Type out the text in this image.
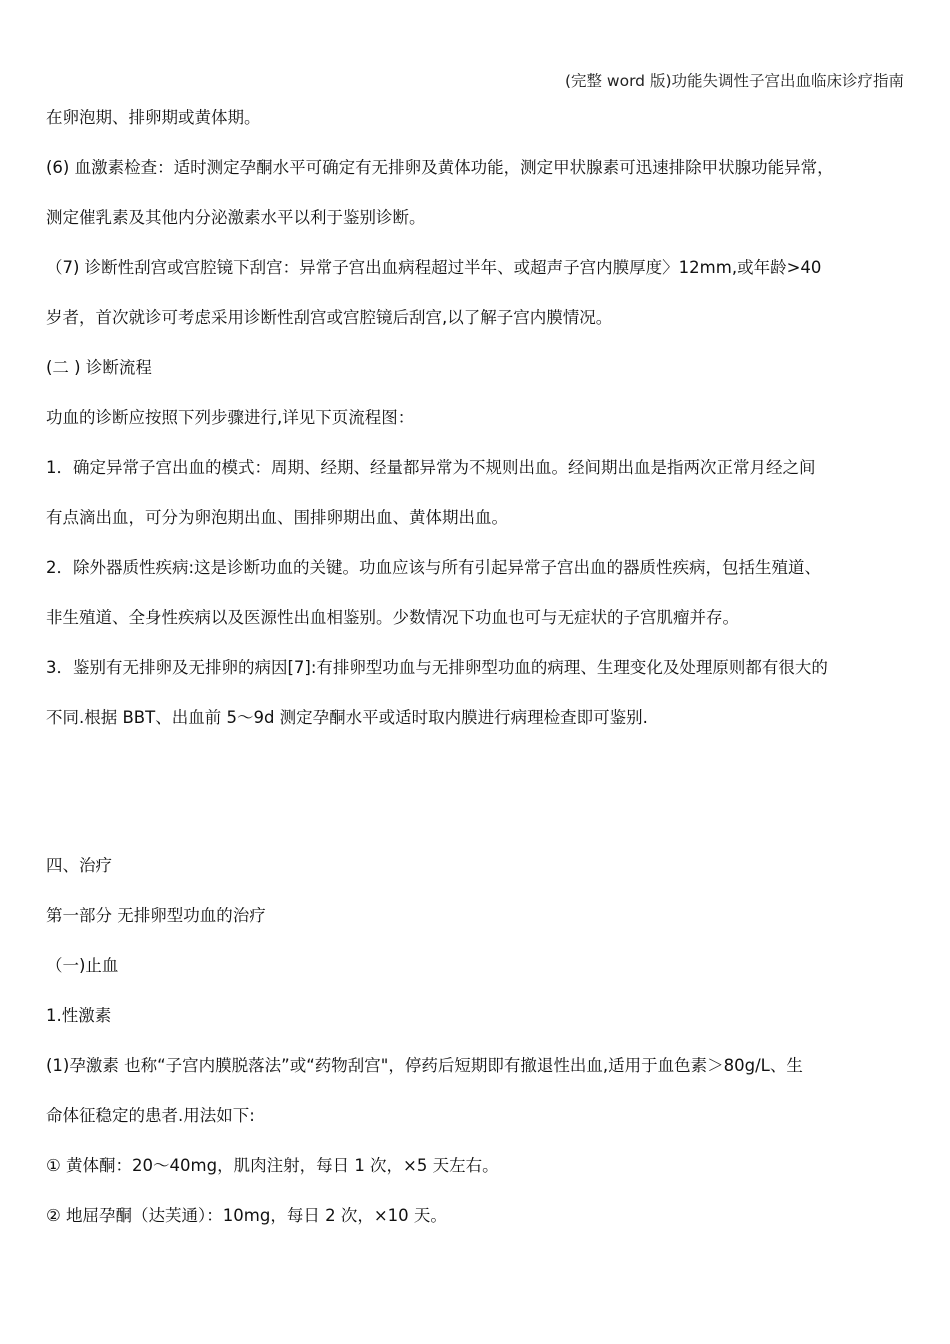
(完整 word 版)功能失调性子宫出血临床诊疗指南
在卵泡期、排卵期或黄体期。
(6) 血激素检查：适时测定孕酮水平可确定有无排卵及黄体功能，测定甲状腺素可迅速排除甲状腺功能异常，
测定催乳素及其他内分泌激素水平以利于鉴别诊断。
（7) 诊断性刮宫或宫腔镜下刮宫：异常子宫出血病程超过半年、或超声子宫内膜厚度〉12mm,或年龄>40
岁者，首次就诊可考虑采用诊断性刮宫或宫腔镜后刮宫,以了解子宫内膜情况。
(二 ) 诊断流程
功血的诊断应按照下列步骤进行,详见下页流程图：
1．确定异常子宫出血的模式：周期、经期、经量都异常为不规则出血。经间期出血是指两次正常月经之间
有点滴出血，可分为卵泡期出血、围排卵期出血、黄体期出血。
2．除外器质性疾病:这是诊断功血的关键。功血应该与所有引起异常子宫出血的器质性疾病，包括生殖道、
非生殖道、全身性疾病以及医源性出血相鉴别。少数情况下功血也可与无症状的子宫肌瘤并存。
3．鉴别有无排卵及无排卵的病因[7]:有排卵型功血与无排卵型功血的病理、生理变化及处理原则都有很大的
不同.根据 BBT、出血前 5～9d 测定孕酮水平或适时取内膜进行病理检查即可鉴别.
四、治疗
第一部分 无排卵型功血的治疗
（一)止血
1.性激素
(1)孕激素 也称“子宫内膜脱落法”或“药物刮宫"，停药后短期即有撤退性出血,适用于血色素＞80g/L、生
命体征稳定的患者.用法如下:
① 黄体酮：20～40mg，肌肉注射，每日 1 次，×5 天左右。
② 地屈孕酮（达芙通）：10mg，每日 2 次，×10 天。
